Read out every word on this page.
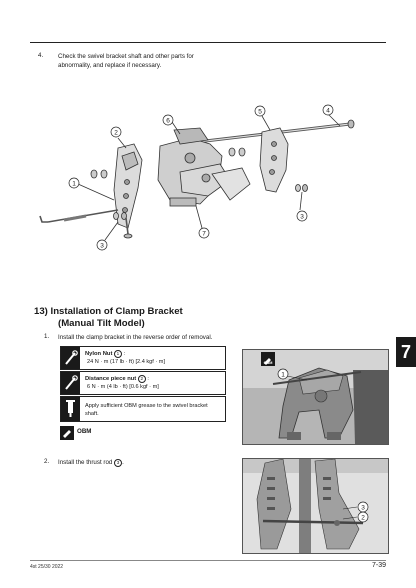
4. Check the swivel bracket shaft and other parts for
abnormality, and replace if necessary.
1
2
3
3
4
5
6
7
13) Installation of Clamp Bracket
(Manual Tilt Model)
1. Install the clamp bracket in the reverse order of removal.
Nylon Nut 1 :
24 N · m (17 lb · ft) [2.4 kgf · m]
Distance piece nut 2 :
6 N · m (4 lb · ft) [0.6 kgf · m]
Apply sufficient OBM grease to the swivel bracket
shaft.
OBM
1
OBM
2. Install the thrust rod 3 .
3
2
7
4st 25/30 2022	7-39
